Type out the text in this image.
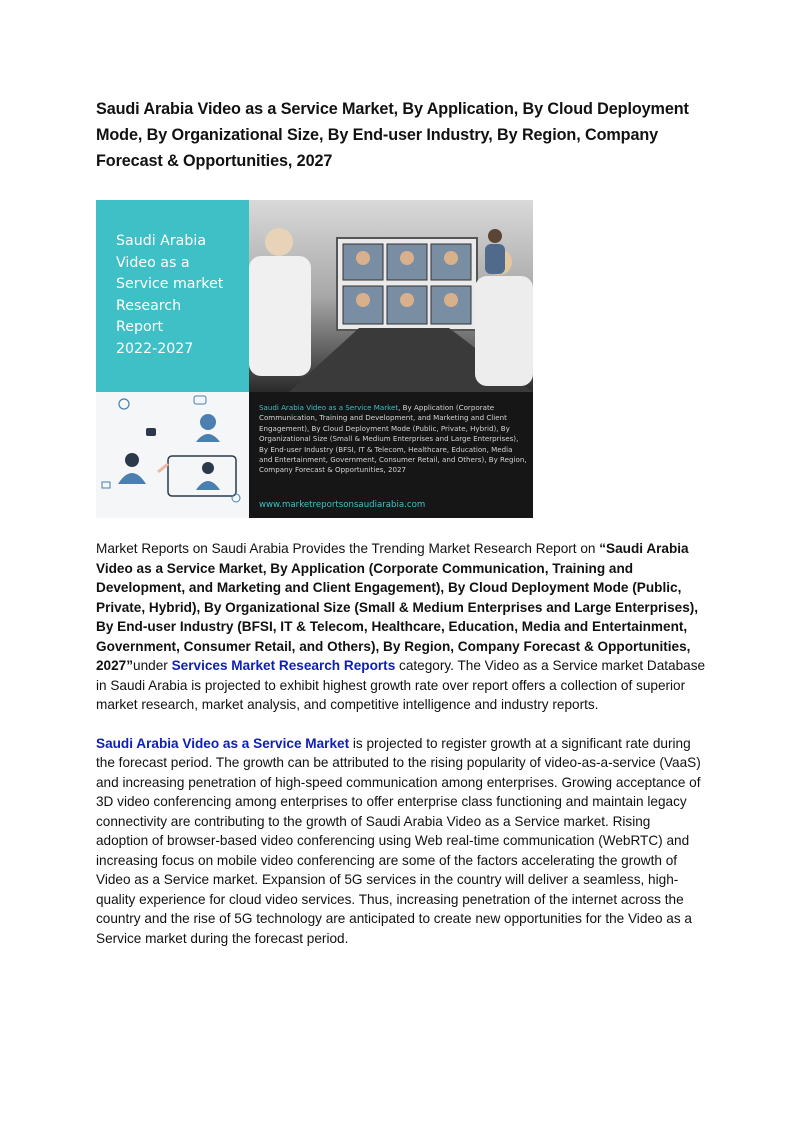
Saudi Arabia Video as a Service Market, By Application, By Cloud Deployment Mode, By Organizational Size, By End-user Industry, By Region, Company Forecast & Opportunities, 2027
Saudi Arabia
Video as a
Service market
Research
Report
2022-2027
Saudi Arabia Video as a Service Market, By Application (Corporate Communication, Training and Development, and Marketing and Client Engagement), By Cloud Deployment Mode (Public, Private, Hybrid), By Organizational Size (Small & Medium Enterprises and Large Enterprises), By End-user Industry (BFSI, IT & Telecom, Healthcare, Education, Media and Entertainment, Government, Consumer Retail, and Others), By Region, Company Forecast & Opportunities, 2027
www.marketreportsonsaudiarabia.com

Market Reports on Saudi Arabia Provides the Trending Market Research Report on “Saudi Arabia Video as a Service Market, By Application (Corporate Communication, Training and Development, and Marketing and Client Engagement), By Cloud Deployment Mode (Public, Private, Hybrid), By Organizational Size (Small & Medium Enterprises and Large Enterprises), By End-user Industry (BFSI, IT & Telecom, Healthcare, Education, Media and Entertainment, Government, Consumer Retail, and Others), By Region, Company Forecast & Opportunities, 2027”under Services Market Research Reports category. The Video as a Service market Database in Saudi Arabia is projected to exhibit highest growth rate over report offers a collection of superior market research, market analysis, and competitive intelligence and industry reports.

Saudi Arabia Video as a Service Market is projected to register growth at a significant rate during the forecast period. The growth can be attributed to the rising popularity of video-as-a-service (VaaS) and increasing penetration of high-speed communication among enterprises. Growing acceptance of 3D video conferencing among enterprises to offer enterprise class functioning and maintain legacy connectivity are contributing to the growth of Saudi Arabia Video as a Service market. Rising adoption of browser-based video conferencing using Web real-time communication (WebRTC) and increasing focus on mobile video conferencing are some of the factors accelerating the growth of Video as a Service market. Expansion of 5G services in the country will deliver a seamless, high-quality experience for cloud video services. Thus, increasing penetration of the internet across the country and the rise of 5G technology are anticipated to create new opportunities for the Video as a Service market during the forecast period.
